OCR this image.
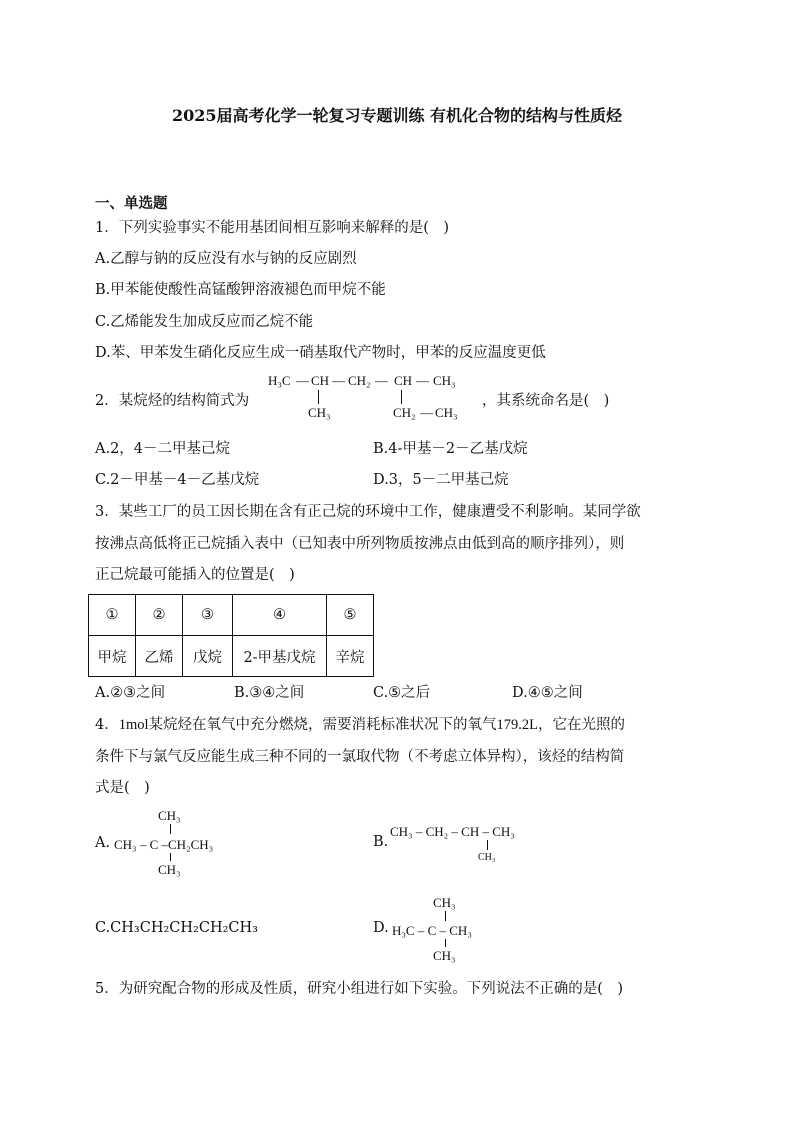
2025届高考化学一轮复习专题训练 有机化合物的结构与性质烃
一、单选题
1．下列实验事实不能用基团间相互影响来解释的是(　)
A.乙醇与钠的反应没有水与钠的反应剧烈
B.甲苯能使酸性高锰酸钾溶液褪色而甲烷不能
C.乙烯能发生加成反应而乙烷不能
D.苯、甲苯发生硝化反应生成一硝基取代产物时，甲苯的反应温度更低
2．某烷烃的结构简式为
H₃C — CH — CH₂ — CH — CH₃
CH₃	CH₂ — CH₃
，其系统命名是(　)
A.2，4－二甲基己烷	B.4-甲基－2－乙基戊烷
C.2－甲基－4－乙基戊烷	D.3，5－二甲基己烷
3．某些工厂的员工因长期在含有正己烷的环境中工作，健康遭受不利影响。某同学欲
按沸点高低将正己烷插入表中（已知表中所列物质按沸点由低到高的顺序排列），则
正己烷最可能插入的位置是(　)
①	②	③	④	⑤
甲烷	乙烯	戊烷	2-甲基戊烷	辛烷
A.②③之间	B.③④之间	C.⑤之后	D.④⑤之间
4．1mol某烷烃在氧气中充分燃烧，需要消耗标准状况下的氧气179.2L，它在光照的
条件下与氯气反应能生成三种不同的一氯取代物（不考虑立体异构），该烃的结构简
式是(　)
A.
CH₃
CH₃ – C –CH₂CH₃
CH₃
B.
CH₃ – CH₂ – CH – CH₃
CH₃
C.CH₃CH₂CH₂CH₂CH₃	D.
CH₃
H₃C – C – CH₃
CH₃
5．为研究配合物的形成及性质，研究小组进行如下实验。下列说法不正确的是(　)
